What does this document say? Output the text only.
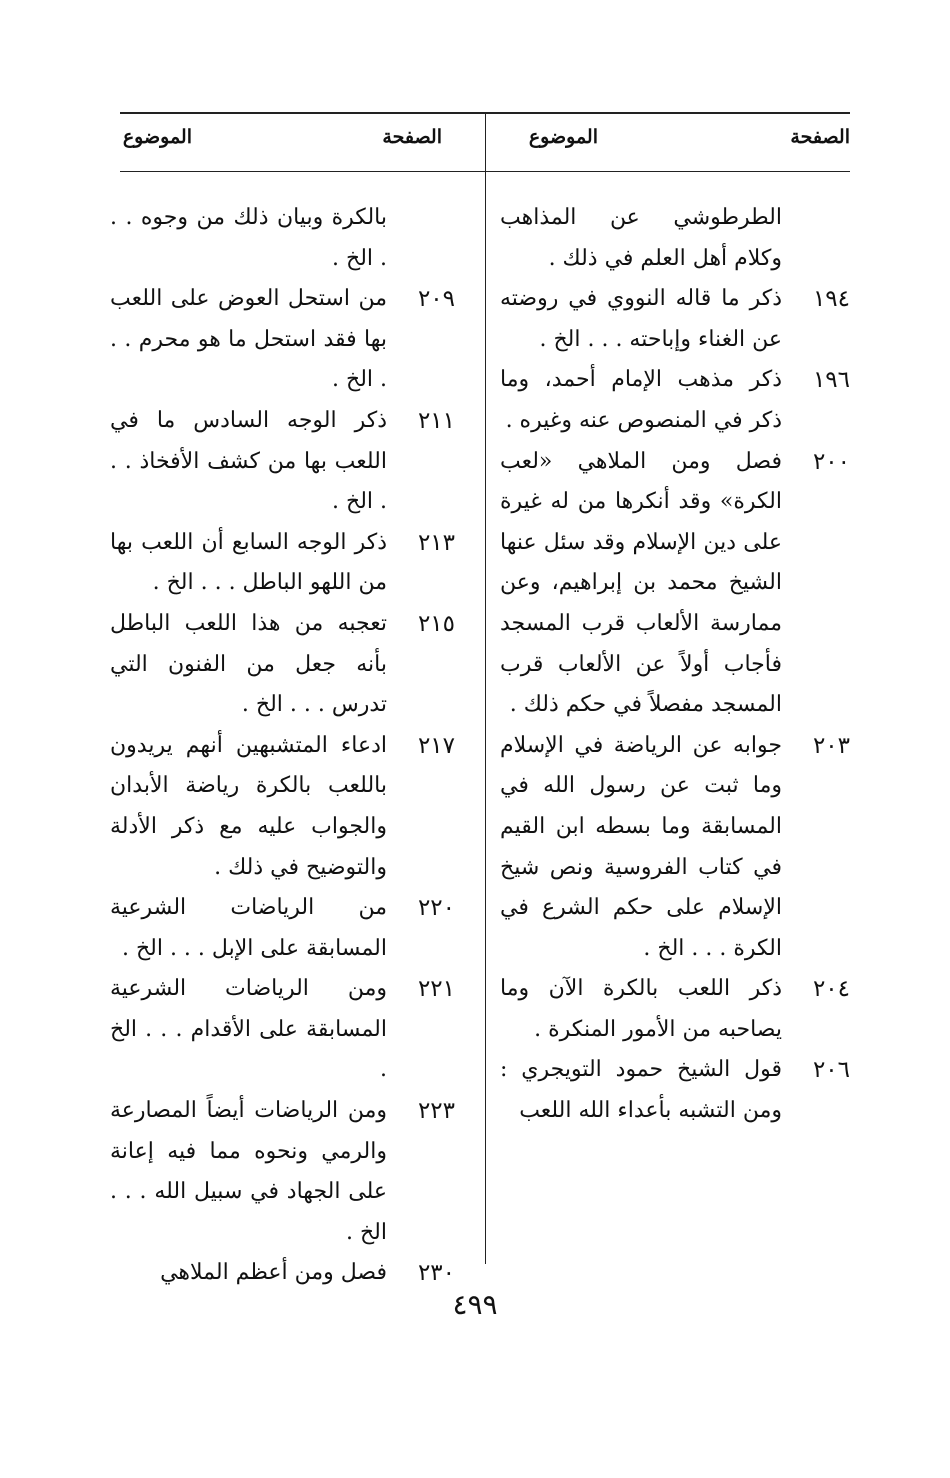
الصفحة
الموضوع
الصفحة
الموضوع
الطرطوشي عن المذاهب وكلام أهل العلم في ذلك .
١٩٤
ذكر ما قاله النووي في روضته عن الغناء وإباحته . . . الخ .
١٩٦
ذكر مذهب الإمام أحمد، وما ذكر في المنصوص عنه وغيره .
٢٠٠
فصل ومن الملاهي «لعب الكرة» وقد أنكرها من له غيرة على دين الإسلام وقد سئل عنها الشيخ محمد بن إبراهيم، وعن ممارسة الألعاب قرب المسجد فأجاب أولاً عن الألعاب قرب المسجد مفصلاً في حكم ذلك .
٢٠٣
جوابه عن الرياضة في الإسلام وما ثبت عن رسول الله في المسابقة وما بسطه ابن القيم في كتاب الفروسية ونص شيخ الإسلام على حكم الشرع في الكرة . . . الخ .
٢٠٤
ذكر اللعب بالكرة الآن وما يصاحبه من الأمور المنكرة .
٢٠٦
قول الشيخ حمود التويجري : ومن التشبه بأعداء الله اللعب
بالكرة وبيان ذلك من وجوه . . . الخ .
٢٠٩
من استحل العوض على اللعب بها فقد استحل ما هو محرم . . . الخ .
٢١١
ذكر الوجه السادس ما في اللعب بها من كشف الأفخاذ . . . الخ .
٢١٣
ذكر الوجه السابع أن اللعب بها من اللهو الباطل . . . الخ .
٢١٥
تعجبه من هذا اللعب الباطل بأنه جعل من الفنون التي تدرس . . . الخ .
٢١٧
ادعاء المتشبهين أنهم يريدون باللعب بالكرة رياضة الأبدان والجواب عليه مع ذكر الأدلة والتوضيح في ذلك .
٢٢٠
من الرياضات الشرعية المسابقة على الإبل . . . الخ .
٢٢١
ومن الرياضات الشرعية المسابقة على الأقدام . . . الخ .
٢٢٣
ومن الرياضات أيضاً المصارعة والرمي ونحوه مما فيه إعانة على الجهاد في سبيل الله . . . الخ .
٢٣٠
فصل ومن أعظم الملاهي
٤٩٩
